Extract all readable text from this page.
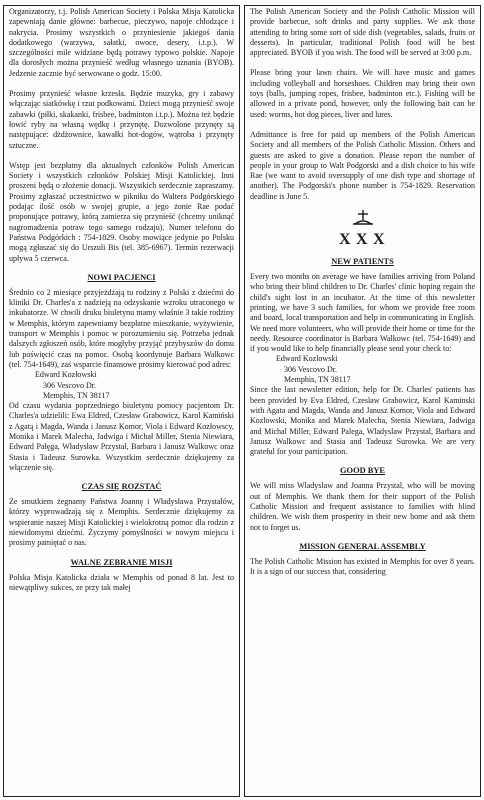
Organizatorzy, t.j. Polish American Society i Polska Misja Katolicka zapewniają danie główne: barbecue, pieczywo, napoje chłodzące i nakrycia. Prosimy wszystkich o przyniesienie jakiegoś dania dodatkowego (warzywa, sałatki, owoce, desery, i.t.p.). W szczególności mile widziane będą potrawy typowo polskie. Napoje dla dorosłych można przynieść według własnego uznania (BYOB). Jedzenie zacznie być serwowane o godz. 15:00.

Prosimy przynieść własne krzesła. Będzie muzyka, gry i zabawy włączając siatkówkę i rzut podkowami. Dzieci mogą przynieść swoje zabawki (piłki, skakanki, frisbee, badminton i.t.p.). Można też będzie łowić ryby na własną wędkę i przynętę. Dozwolone przynęty są następujące: dżdżownice, kawałki hot-dogów, wątroba i przynęty sztuczne.

Wstęp jest bezpłatny dla aktualnych członków Polish American Society i wszystkich członków Polskiej Misji Katolickiej. Inni proszeni będą o złożenie donacji. Wszystkich serdecznie zapraszamy. Prosimy zgłaszać uczestnictwo w pikniku do Waltera Podgórskiego podając ilość osób w swojej grupie, a jego żonie Rae podać proponujące potrawy, którą zamierza się przynieść (chcemy uniknąć nagromadzenia potraw tego samego rodzaju). Numer telefonu do Państwa Podgórkich : 754-1829. Osoby mowiące jedynie po Polsku mogą zgłaszać się do Urszuli Bis (tel. 385-6967). Termin rezerwacji upływa 5 czerwca.

NOWI PACJENCI

Średnio co 2 miesiące przyjeżdżają tu rodziny z Polski z dziećmi do kliniki Dr. Charles'a z nadzieją na odzyskanie wzroku utraconego w inkubatorze. W chwili druku biuletynu mamy właśnie 3 takie rodziny w Memphis, którym zapewniamy bezpłatne mieszkanie, wyżywienie, transport w Memphis i pomoc w porozumieniu się. Potrzeba jednak dalszych zgłoszeń osób, które mogłyby przyjąć przybyszów do domu lub poświęcić czas na pomoc. Osobą koordynuje Barbara Walkowc (tel. 754-1649), zaś wsparcie finansowe prosimy kierować pod adres:

Edward Kozłowski
306 Vescovo Dr.
Memphis, TN 38117

Od czasu wydania poprzedniego biuletynu pomocy pacjentom Dr. Charles'a udzielili: Ewa Eldred, Czesław Grabowicz, Karol Kamiński z Agatą i Magda, Wanda i Janusz Komor, Viola i Edward Kozłowscy, Monika i Marek Malecha, Jadwiga i Michał Miller, Stenia Niewiara, Edward Pałęga, Władysław Przystał, Barbara i Janusz Walkowc oraz Stasia i Tadeusz Surowka. Wszystkim serdecznie dziękujemy za włączenie się.

CZAS SIĘ ROZSTAĆ

Ze smutkiem żegnamy Państwa Joannę i Władysława Przystałów, którzy wyprowadzają się z Memphis. Serdecznie dziękujemy za wspieranie naszej Misji Katolickiej i wielokrotną pomoc dla rodzin z niewidomymi dziećmi. Życzymy pomyślności w nowym miejscu i prosimy pamiętać o nas.

WALNE ZEBRANIE MISJI

Polska Misja Katolicka działa w Memphis od ponad 8 lat. Jest to niewątpliwy sukces, ze przy tak małej

The Polish American Society and the Polish Catholic Mission will provide barbecue, soft drinks and party supplies. We ask those attending to bring some sort of side dish (vegetables, salads, fruits or desserts). In particular, traditional Polish food will be best appreciated. BYOB if you wish. The food will be served at 3:00 p.m.

Please bring your lawn chairs. We will have music and games including volleyball and horseshoes. Children may bring their own toys (balls, jumping ropes, frisbee, badminton etc.). Fishing will be allowed in a private pond, however, only the following bait can be used: worms, hot dog pieces, liver and lures.

Admittance is free for paid up members of the Polish American Society and all members of the Polish Catholic Mission. Others and guests are asked to give a donation. Please report the number of people in your group to Walt Podgorski and a dish choice to his wife Rae (we want to avoid oversupply of one dish type and shortage of another). The Podgorski's phone number is 754-1829. Reservation deadline is June 5.

X X X
NEW PATIENTS

Every two months on average we have families arriving from Poland who bring their blind children to Dr. Charles' clinic hoping regain the child's sight lost in an incubator. At the time of this newsletter printing, we have 3 such families, for whom we provide free room and board, local transportation and help in communicating in English. We need more volunteers, who will provide their home or time for the needy. Resource coordinator is Barbara Walkowc (tel. 754-1649) and if you would like to help financially please send your check to:

Edward Kozlowski
306 Vescovo Dr.
Memphis, TN 38117

Since the last newsletter edition, help for Dr. Charles' patients has been provided by Eva Eldred, Czeslaw Grabowicz, Karol Kaminski with Agata and Magda, Wanda and Janusz Komor, Viola and Edward Kozlowski, Monika and Marek Malecha, Stenia Niewiara, Jadwiga and Michal Miller, Edward Palega, Wladyslaw Przystal, Barbara and Janusz Walkowc and Stasia and Tadeusz Surowka. We are very grateful for your participation.

GOOD BYE

We will miss Wladyslaw and Joanna Przystal, who will be moving out of Memphis. We thank them for their support of the Polish Catholic Mission and frequent assistance to families with blind children. We wish them prosperity in their new home and ask them not to forget us.

MISSION GENERAL ASSEMBLY

The Polish Catholic Mission has existed in Memphis for over 8 years. It is a sign of our success that, considering
